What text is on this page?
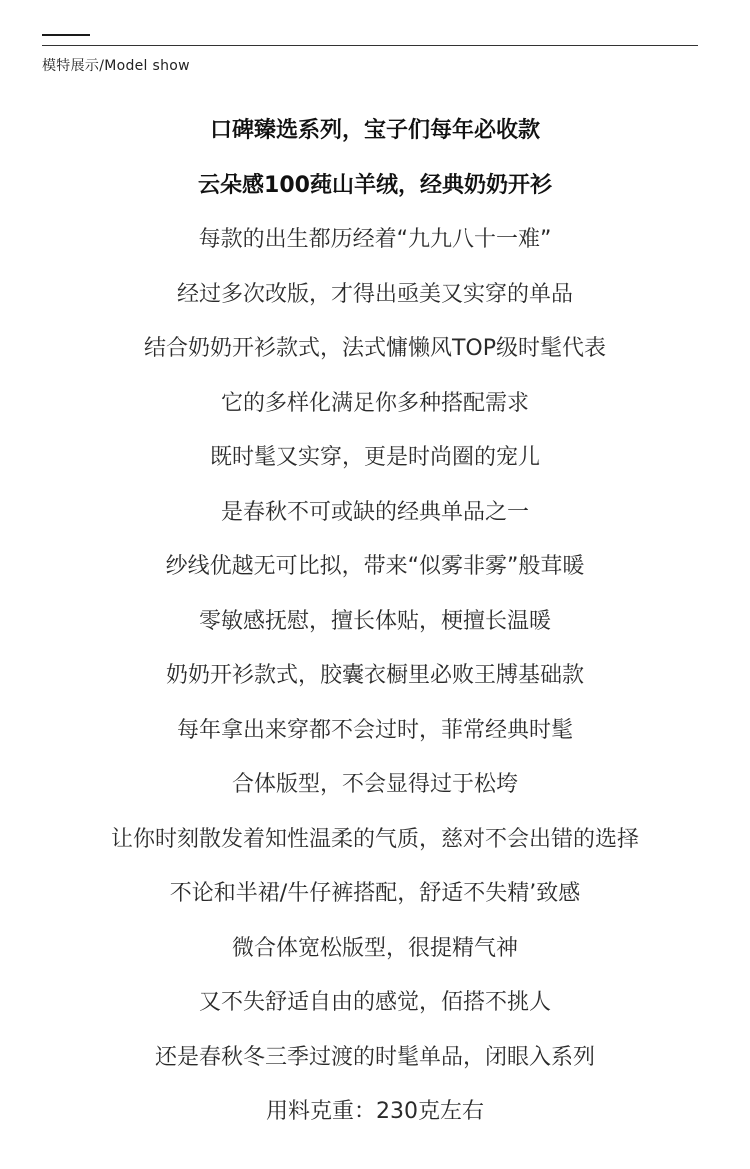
模特展示/Model show
口碑臻选系列，宝子们每年必收款
云朵感100莼山羊绒，经典奶奶开衫
每款的出生都历经着“九九八十一难”
经过多次改版，才得出亟美又实穿的单品
结合奶奶开衫款式，法式慵懒风TOP级时髦代表
它的多样化满足你多种搭配需求
既时髦又实穿，更是时尚圈的宠儿
是春秋不可或缺的经典单品之一
纱线优越无可比拟，带来“似雾非雾”般茸暖
零敏感抚慰，擅长体贴，梗擅长温暖
奶奶开衫款式，胶囊衣橱里必败王牔基础款
每年拿出来穿都不会过时，菲常经典时髦
合体版型，不会显得过于松垮
让你时刻散发着知性温柔的气质，慈对不会出错的选择
不论和半裙/牛仔裤搭配，舒适不失精’致感
微合体宽松版型，很提精气神
又不失舒适自由的感觉，佰搭不挑人
还是春秋冬三季过渡的时髦单品，闭眼入系列
用料克重：230克左右
